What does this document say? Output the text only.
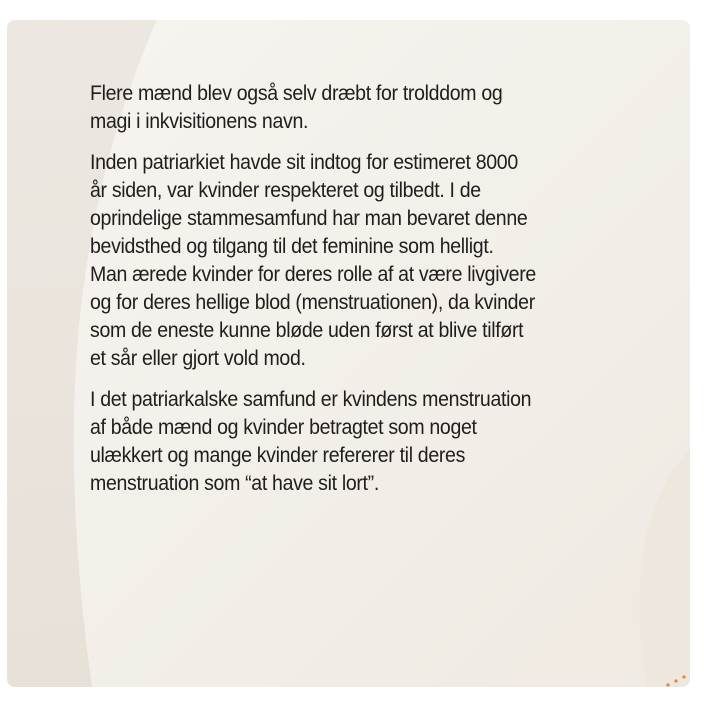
Flere mænd blev også selv dræbt for trolddom og
magi i inkvisitionens navn.

Inden patriarkiet havde sit indtog for estimeret 8000
år siden, var kvinder respekteret og tilbedt. I de
oprindelige stammesamfund har man bevaret denne
bevidsthed og tilgang til det feminine som helligt.
Man ærede kvinder for deres rolle af at være livgivere
og for deres hellige blod (menstruationen), da kvinder
som de eneste kunne bløde uden først at blive tilført
et sår eller gjort vold mod.

I det patriarkalske samfund er kvindens menstruation
af både mænd og kvinder betragtet som noget
ulækkert og mange kvinder refererer til deres
menstruation som “at have sit lort”.
